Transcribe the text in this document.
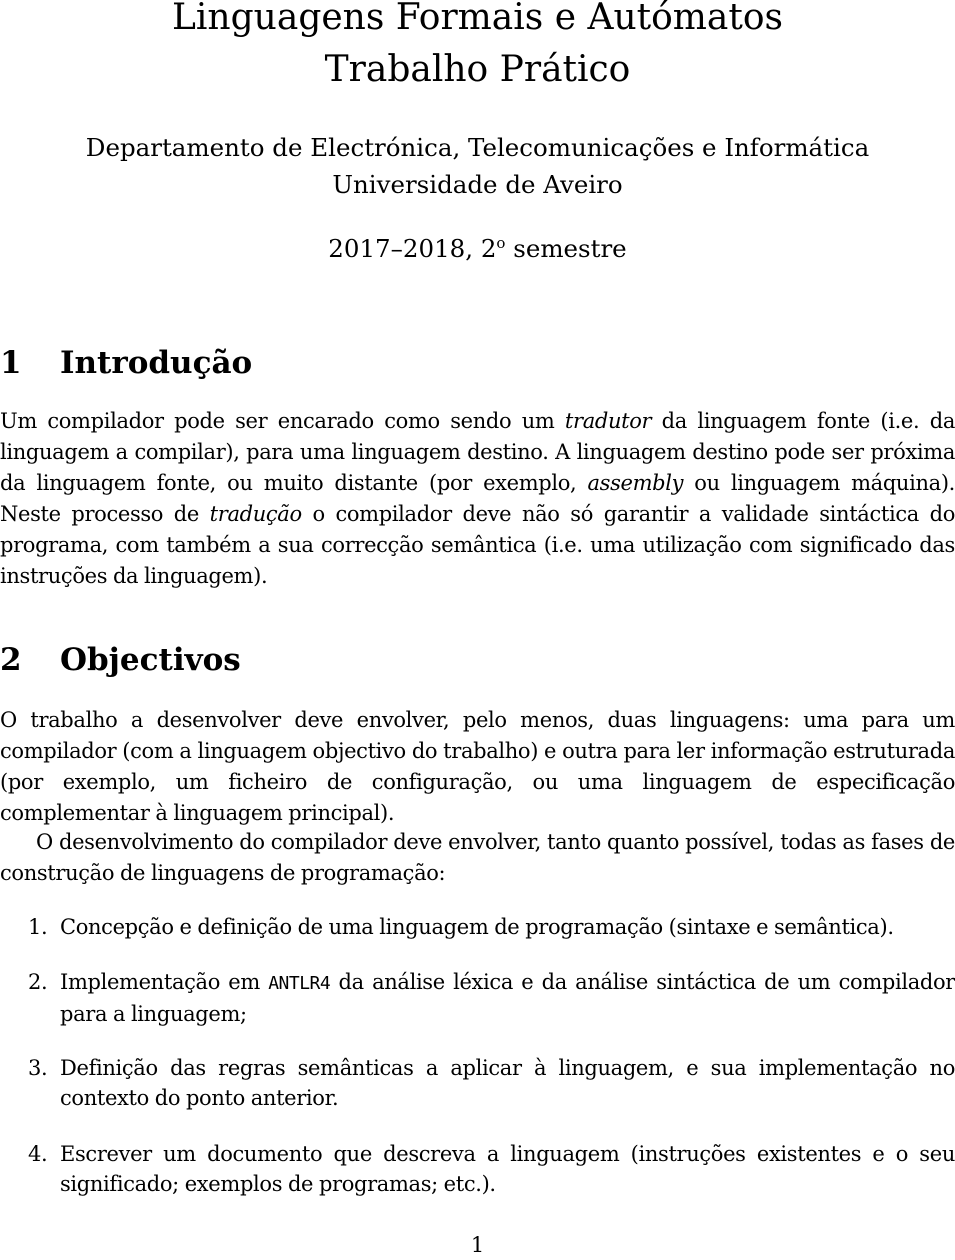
Linguagens Formais e Autómatos
Trabalho Prático
Departamento de Electrónica, Telecomunicações e Informática
Universidade de Aveiro
2017–2018, 2$^o$ semestre
1 Introdução
Um compilador pode ser encarado como sendo um tradutor da linguagem fonte (i.e. da linguagem a compilar), para uma linguagem destino. A linguagem destino pode ser próxima da linguagem fonte, ou muito distante (por exemplo, assembly ou linguagem máquina). Neste processo de tradução o compilador deve não só garantir a validade sintáctica do programa, com também a sua correcção semântica (i.e. uma utilização com significado das instruções da linguagem).
2 Objectivos
O trabalho a desenvolver deve envolver, pelo menos, duas linguagens: uma para um compilador (com a linguagem objectivo do trabalho) e outra para ler informação estruturada (por exemplo, um ficheiro de configuração, ou uma linguagem de especificação complementar à linguagem principal).
O desenvolvimento do compilador deve envolver, tanto quanto possível, todas as fases de construção de linguagens de programação:
1. Concepção e definição de uma linguagem de programação (sintaxe e semântica).
2. Implementação em ANTLR4 da análise léxica e da análise sintáctica de um compilador para a linguagem;
3. Definição das regras semânticas a aplicar à linguagem, e sua implementação no contexto do ponto anterior.
4. Escrever um documento que descreva a linguagem (instruções existentes e o seu significado; exemplos de programas; etc.).
1
